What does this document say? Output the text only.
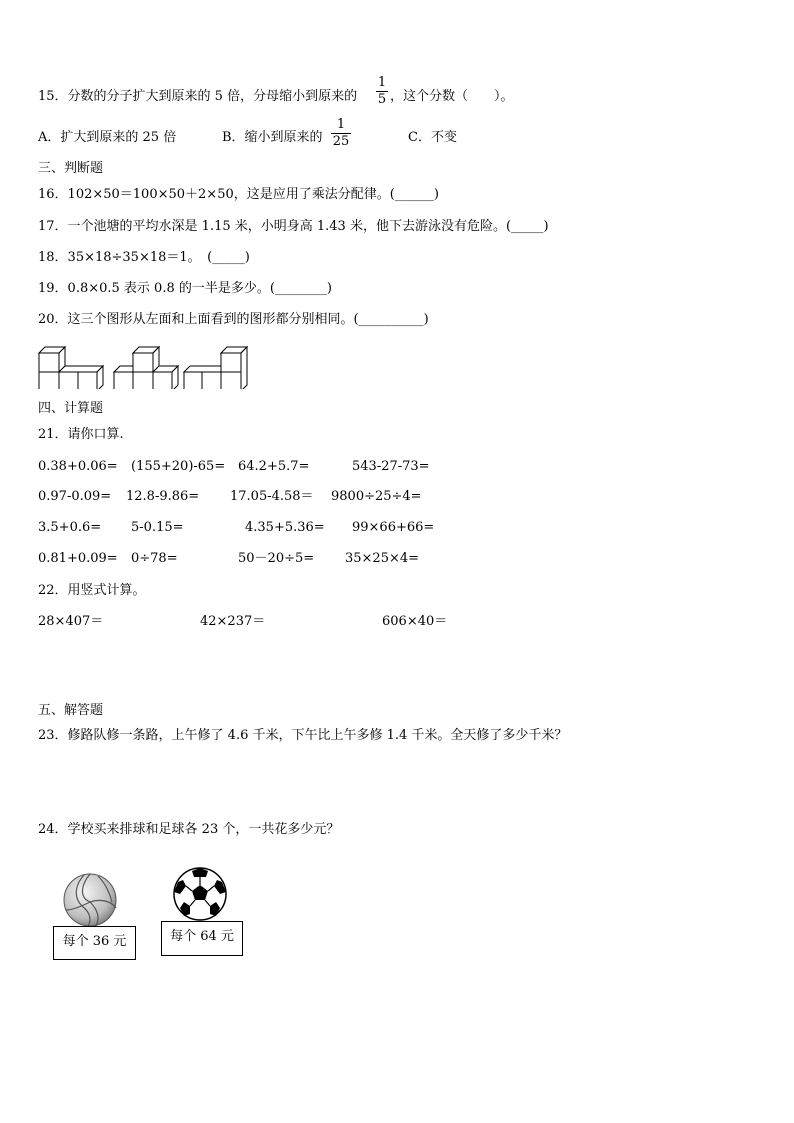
15．分数的分子扩大到原来的 5 倍，分母缩小到原来的
1
5 ，这个分数（　　）。
A．扩大到原来的 25 倍	B．缩小到原来的
1
25	C．不变
三、判断题
16．102×50＝100×50＋2×50，这是应用了乘法分配律。(______)
17．一个池塘的平均水深是 1.15 米，小明身高 1.43 米，他下去游泳没有危险。(_____)
18．35×18÷35×18＝1。　(_____)
19．0.8×0.5 表示 0.8 的一半是多少。(________)
20．这三个图形从左面和上面看到的图形都分别相同。(__________)
四、计算题
21．请你口算.
0.38+0.06= (155+20)-65= 64.2+5.7=	543-27-73=
0.97-0.09= 12.8-9.86= 17.05-4.58＝ 9800÷25÷4=
3.5+0.6= 5-0.15=	4.35+5.36= 99×66+66=
0.81+0.09= 0÷78=	50－20÷5= 35×25×4=
22．用竖式计算。
28×407＝	42×237＝	606×40＝
五、解答题
23．修路队修一条路，上午修了 4.6 千米，下午比上午多修 1.4 千米。全天修了多少千米？
24．学校买来排球和足球各 23 个，一共花多少元？
每个 36 元	每个 64 元
